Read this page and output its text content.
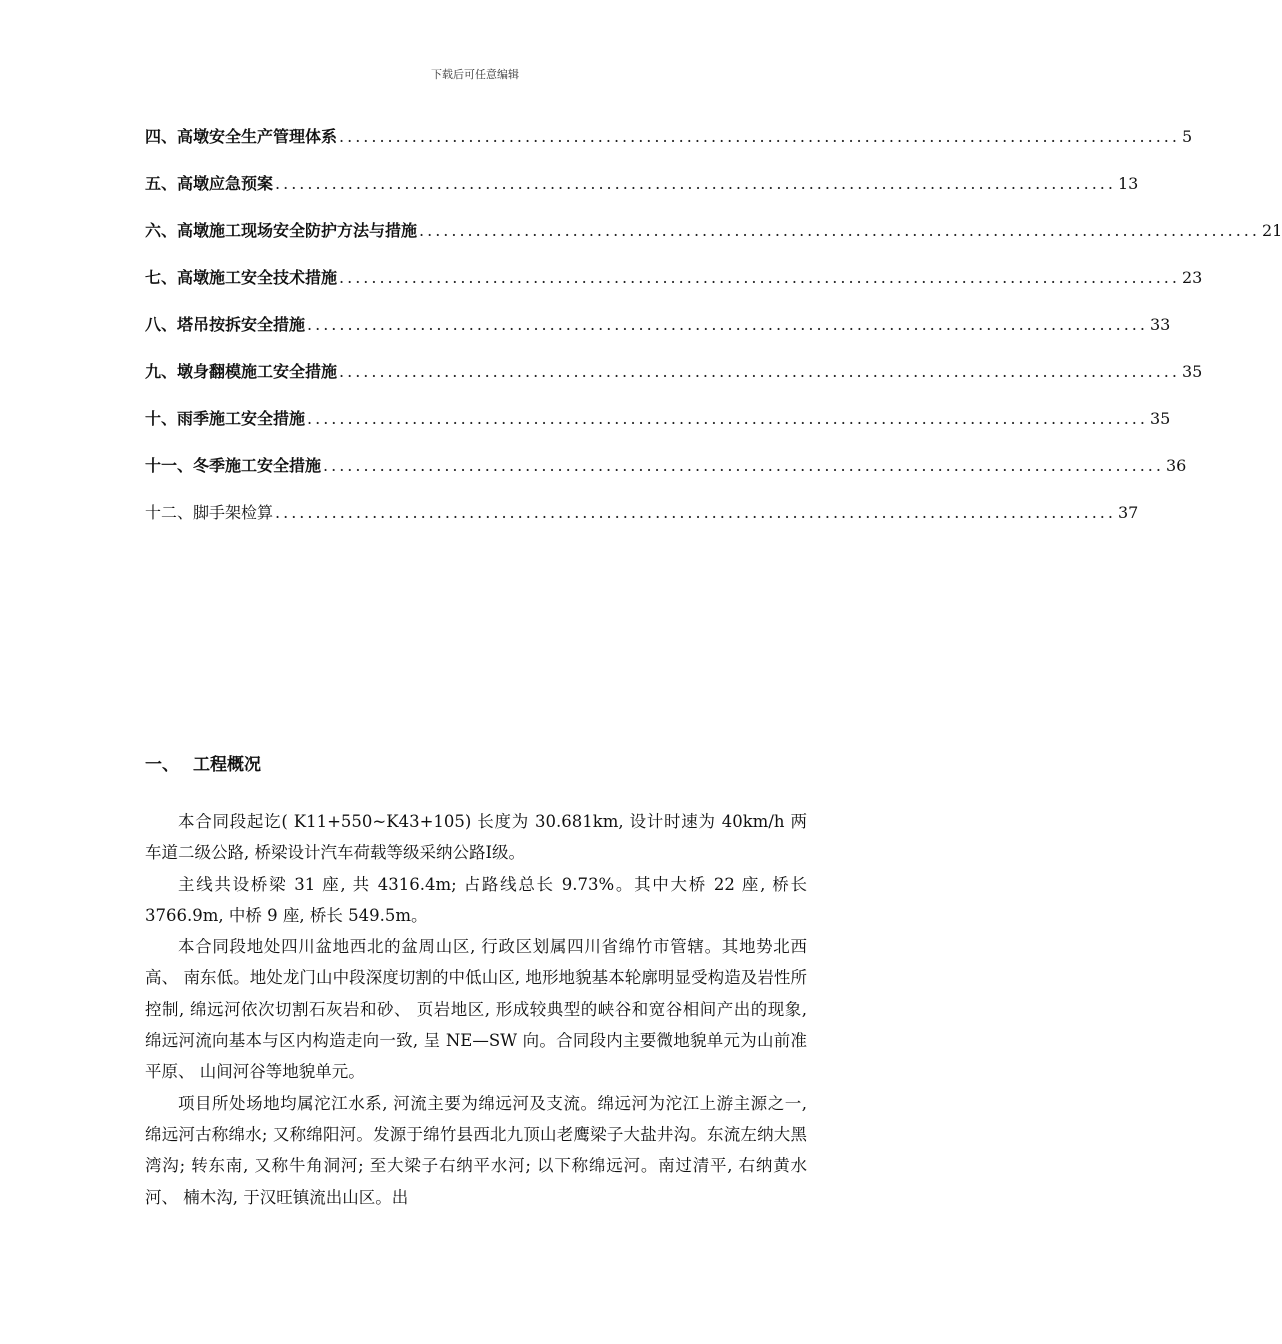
下载后可任意编辑
四、 高墩安全生产管理体系 ........................................................................................................ 5
五、 高墩应急预案 ........................................................................................................ 13
六、 高墩施工现场安全防护方法与措施 ........................................................................................................ 21
七、 高墩施工安全技术措施 ........................................................................................................ 23
八、 塔吊按拆安全措施 ........................................................................................................ 33
九、 墩身翻模施工安全措施 ........................................................................................................ 35
十、 雨季施工安全措施 ........................................................................................................ 35
十一、 冬季施工安全措施 ........................................................................................................ 36
十二、 脚手架检算 ........................................................................................................ 37
一、 工程概况

本合同段起讫( K11+550~K43+105) 长度为 30.681km, 设计时速为 40km/h 两车道二级公路, 桥梁设计汽车荷载等级采纳公路Ⅰ级。

主线共设桥梁 31 座, 共 4316.4m; 占路线总长 9.73%。其中大桥 22 座, 桥长 3766.9m, 中桥 9 座, 桥长 549.5m。

本合同段地处四川盆地西北的盆周山区, 行政区划属四川省绵竹市管辖。其地势北西高、 南东低。地处龙门山中段深度切割的中低山区, 地形地貌基本轮廓明显受构造及岩性所控制, 绵远河依次切割石灰岩和砂、 页岩地区, 形成较典型的峡谷和宽谷相间产出的现象, 绵远河流向基本与区内构造走向一致, 呈 NE—SW 向。合同段内主要微地貌单元为山前准平原、 山间河谷等地貌单元。

项目所处场地均属沱江水系, 河流主要为绵远河及支流。绵远河为沱江上游主源之一, 绵远河古称绵水; 又称绵阳河。发源于绵竹县西北九顶山老鹰梁子大盐井沟。东流左纳大黑湾沟; 转东南, 又称牛角洞河; 至大梁子右纳平水河; 以下称绵远河。南过清平, 右纳黄水河、 楠木沟, 于汉旺镇流出山区。出
